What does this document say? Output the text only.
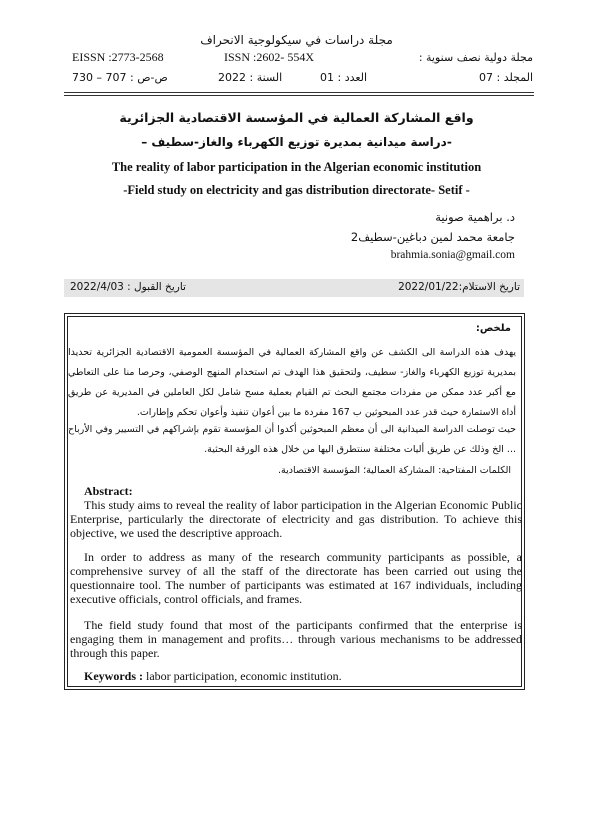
مجلة دراسات في سيكولوجية الانحراف
EISSN :2773-2568	ISSN :2602- 554X	مجلة دولية نصف سنوية :
المجلد : 07
العدد : 01
السنة : 2022
ص-ص : 707 – 730
واقع المشاركة العمالية في المؤسسة الاقتصادية الجزائرية
-دراسة ميدانية بمديرة توزيع الكهرباء والغاز-سطيف –
The reality of labor participation in the Algerian economic institution
-Field study on electricity and gas distribution directorate- Setif -
د. براهمية صونية
جامعة محمد لمين دباغين-سطيف2
brahmia.sonia@gmail.com
تاريخ الاستلام:2022/01/22
تاريخ القبول : 2022/4/03
ملخص:
يهدف هذه الدراسة الى الكشف عن واقع المشاركة العمالية في المؤسسة العمومية الاقتصادية الجزائرية تحديدا بمديرية توزيع الكهرباء والغاز- سطيف، ولتحقيق هذا الهدف تم استخدام المنهج الوصفي، وحرصا منا على التعاطي مع أكبر عدد ممكن من مفردات مجتمع البحث تم القيام بعملية مسح شامل لكل العاملين في المديرية عن طريق أداة الاستمارة حيث قدر عدد المبحوثين ب 167 مفردة ما بين أعوان تنفيذ وأعوان تحكم وإطارات.
حيث توصلت الدراسة الميدانية الى أن معظم المبحوثين أكدوا أن المؤسسة تقوم بإشراكهم في التسيير وفي الأرباح ... الخ وذلك عن طريق أليات مختلفة سنتطرق اليها من خلال هذه الورقة البحثية.
الكلمات المفتاحية: المشاركة العمالية؛ المؤسسة الاقتصادية.
Abstract:
This study aims to reveal the reality of labor participation in the Algerian Economic Public Enterprise, particularly the directorate of electricity and gas distribution. To achieve this objective, we used the descriptive approach.
In order to address as many of the research community participants as possible, a comprehensive survey of all the staff of the directorate has been carried out using the questionnaire tool. The number of participants was estimated at 167 individuals, including executive officials, control officials, and frames.
The field study found that most of the participants confirmed that the enterprise is engaging them in management and profits… through various mechanisms to be addressed through this paper.
Keywords : labor participation, economic institution.
